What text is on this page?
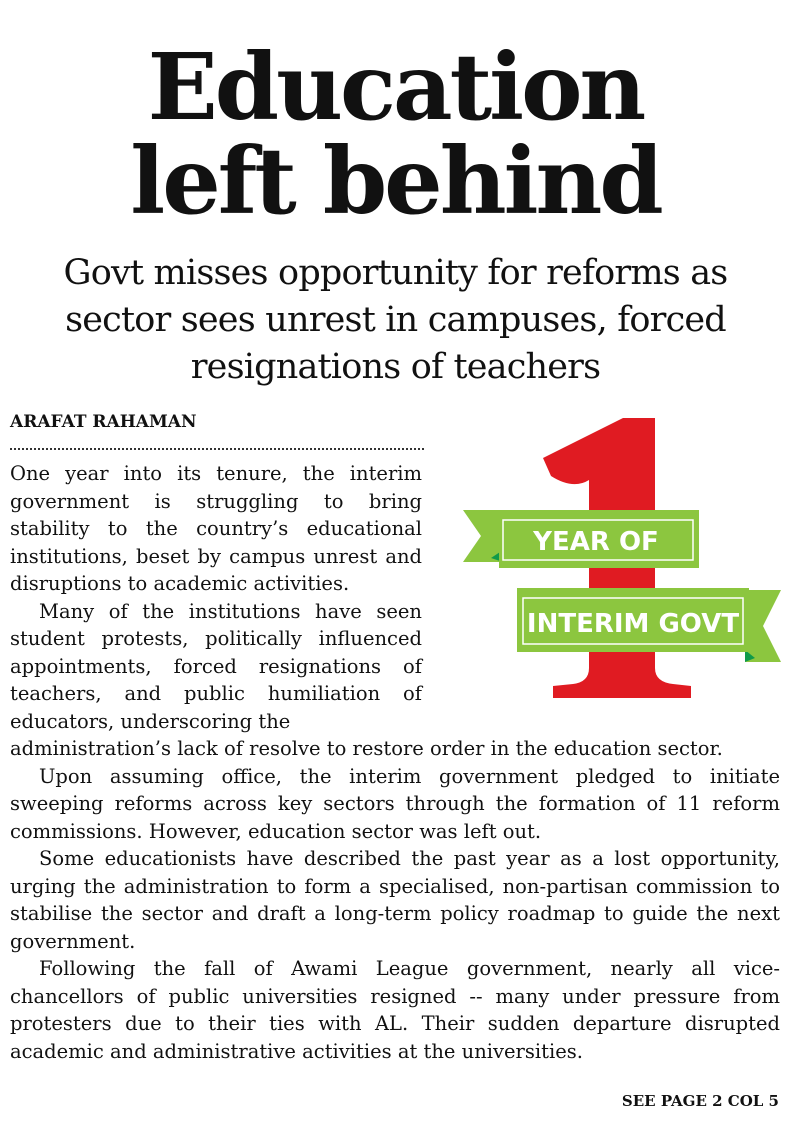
Education
left behind

Govt misses opportunity for reforms as sector sees unrest in campuses, forced resignations of teachers

ARAFAT RAHAMAN

One year into its tenure, the interim government is struggling to bring stability to the country’s educational institutions, beset by campus unrest and disruptions to academic activities.

Many of the institutions have seen student protests, politically influenced appointments, forced resignations of teachers, and public humiliation of educators, underscoring the

YEAR OF
INTERIM GOVT

administration’s lack of resolve to restore order in the education sector.

Upon assuming office, the interim government pledged to initiate sweeping reforms across key sectors through the formation of 11 reform commissions. However, education sector was left out.

Some educationists have described the past year as a lost opportunity, urging the administration to form a specialised, non-partisan commission to stabilise the sector and draft a long-term policy roadmap to guide the next government.

Following the fall of Awami League government, nearly all vice-chancellors of public universities resigned -- many under pressure from protesters due to their ties with AL. Their sudden departure disrupted academic and administrative activities at the universities.

SEE PAGE 2 COL 5
